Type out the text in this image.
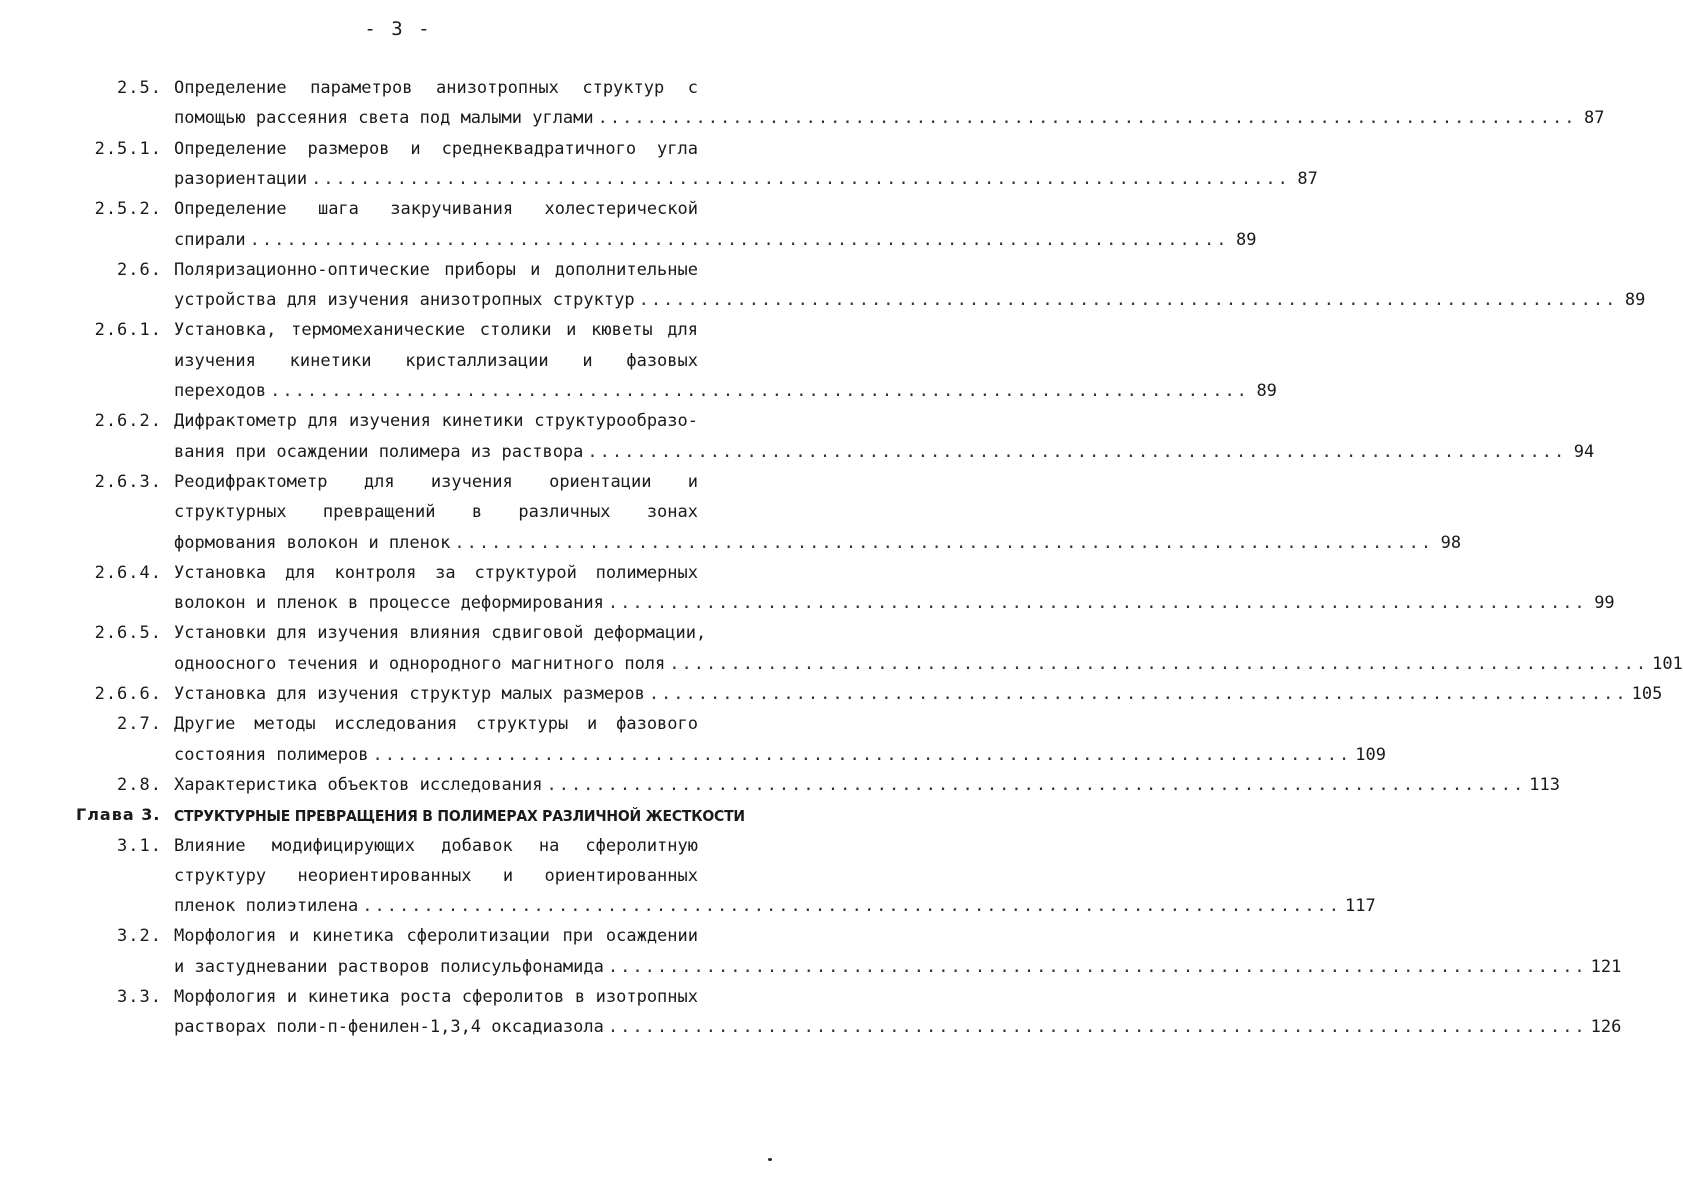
- 3 -
2.5. Определение параметров анизотропных структур с
помощью рассеяния света под малыми углами ................................................................................ 87
2.5.1. Определение размеров и среднеквадратичного угла
разориентации ................................................................................ 87
2.5.2. Определение шага закручивания холестерической
спирали ................................................................................ 89
2.6. Поляризационно-оптические приборы и дополнительные
устройства для изучения анизотропных структур ................................................................................ 89
2.6.1. Установка, термомеханические столики и кюветы для
изучения кинетики кристаллизации и фазовых
переходов ................................................................................ 89
2.6.2. Дифрактометр для изучения кинетики структурообразо-
вания при осаждении полимера из раствора ................................................................................ 94
2.6.3. Реодифрактометр для изучения ориентации и
структурных превращений в различных зонах
формования волокон и пленок ................................................................................ 98
2.6.4. Установка для контроля за структурой полимерных
волокон и пленок в процессе деформирования ................................................................................ 99
2.6.5. Установки для изучения влияния сдвиговой деформации,
одноосного течения и однородного магнитного поля ................................................................................ 101
2.6.6. Установка для изучения структур малых размеров ................................................................................ 105
2.7. Другие методы исследования структуры и фазового
состояния полимеров ................................................................................ 109
2.8. Характеристика объектов исследования ................................................................................ 113
Глава 3. СТРУКТУРНЫЕ ПРЕВРАЩЕНИЯ В ПОЛИМЕРАХ РАЗЛИЧНОЙ ЖЕСТКОСТИ
3.1. Влияние модифицирующих добавок на сферолитную
структуру неориентированных и ориентированных
пленок полиэтилена ................................................................................ 117
3.2. Морфология и кинетика сферолитизации при осаждении
и застудневании растворов полисульфонамида ................................................................................ 121
3.3. Морфология и кинетика роста сферолитов в изотропных
растворах поли-п-фенилен-1,3,4 оксадиазола ................................................................................ 126
